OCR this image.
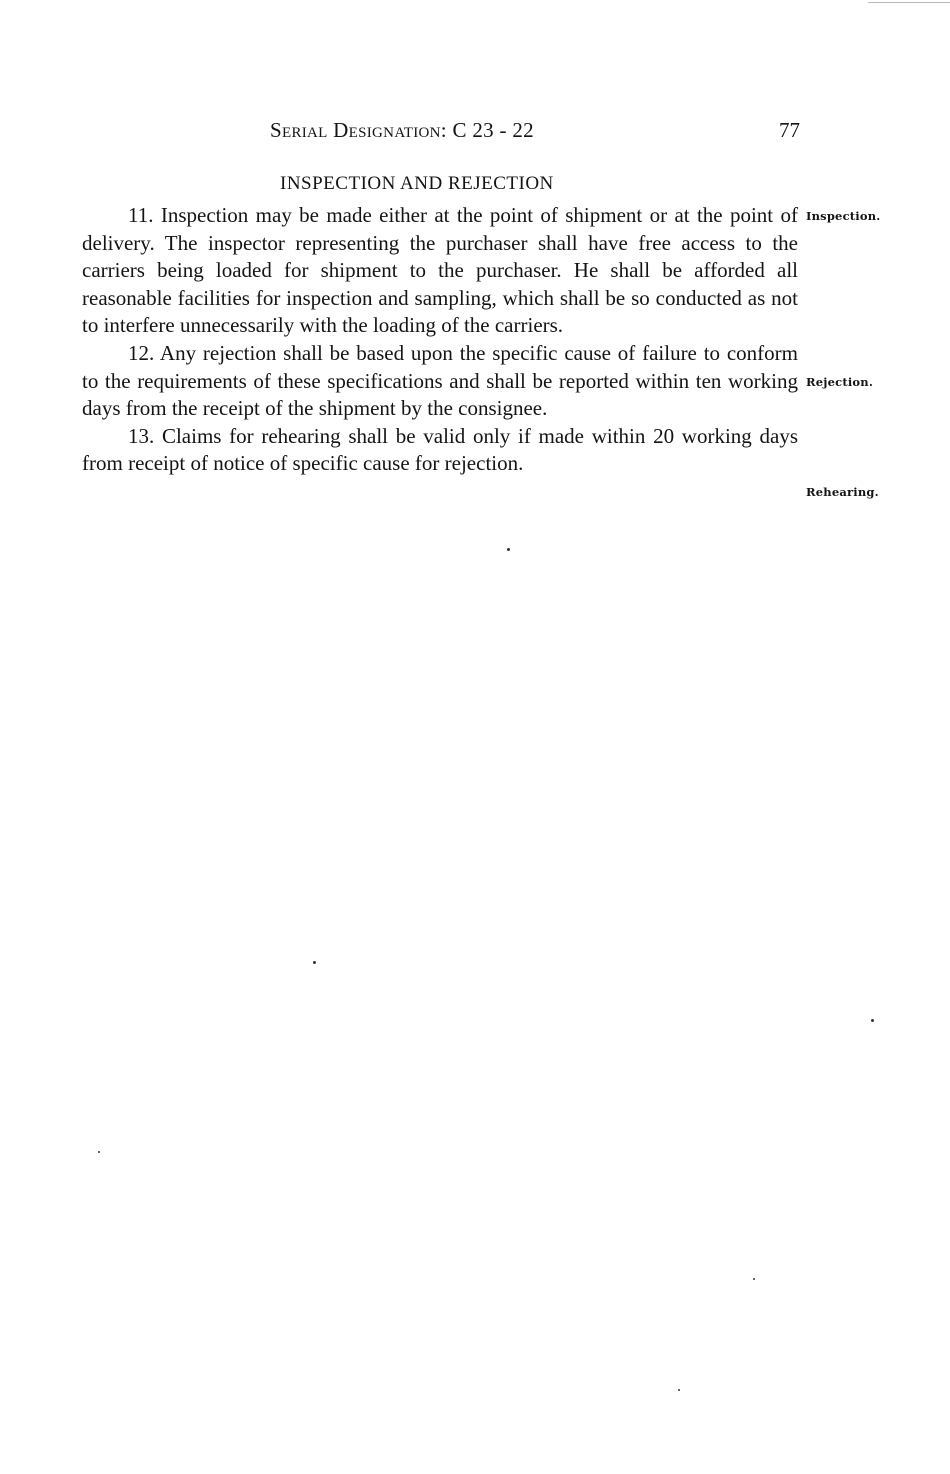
Serial Designation: C 23 - 22	77
INSPECTION AND REJECTION

11. Inspection may be made either at the point of shipment or at the point of delivery. The inspector representing the purchaser shall have free access to the carriers being loaded for shipment to the purchaser. He shall be afforded all reasonable facilities for inspection and sampling, which shall be so conducted as not to interfere unnecessarily with the loading of the carriers.

12. Any rejection shall be based upon the specific cause of failure to conform to the requirements of these specifications and shall be reported within ten working days from the receipt of the shipment by the consignee.

13. Claims for rehearing shall be valid only if made within 20 working days from receipt of notice of specific cause for rejection.

Inspection.
Rejection.
Rehearing.
